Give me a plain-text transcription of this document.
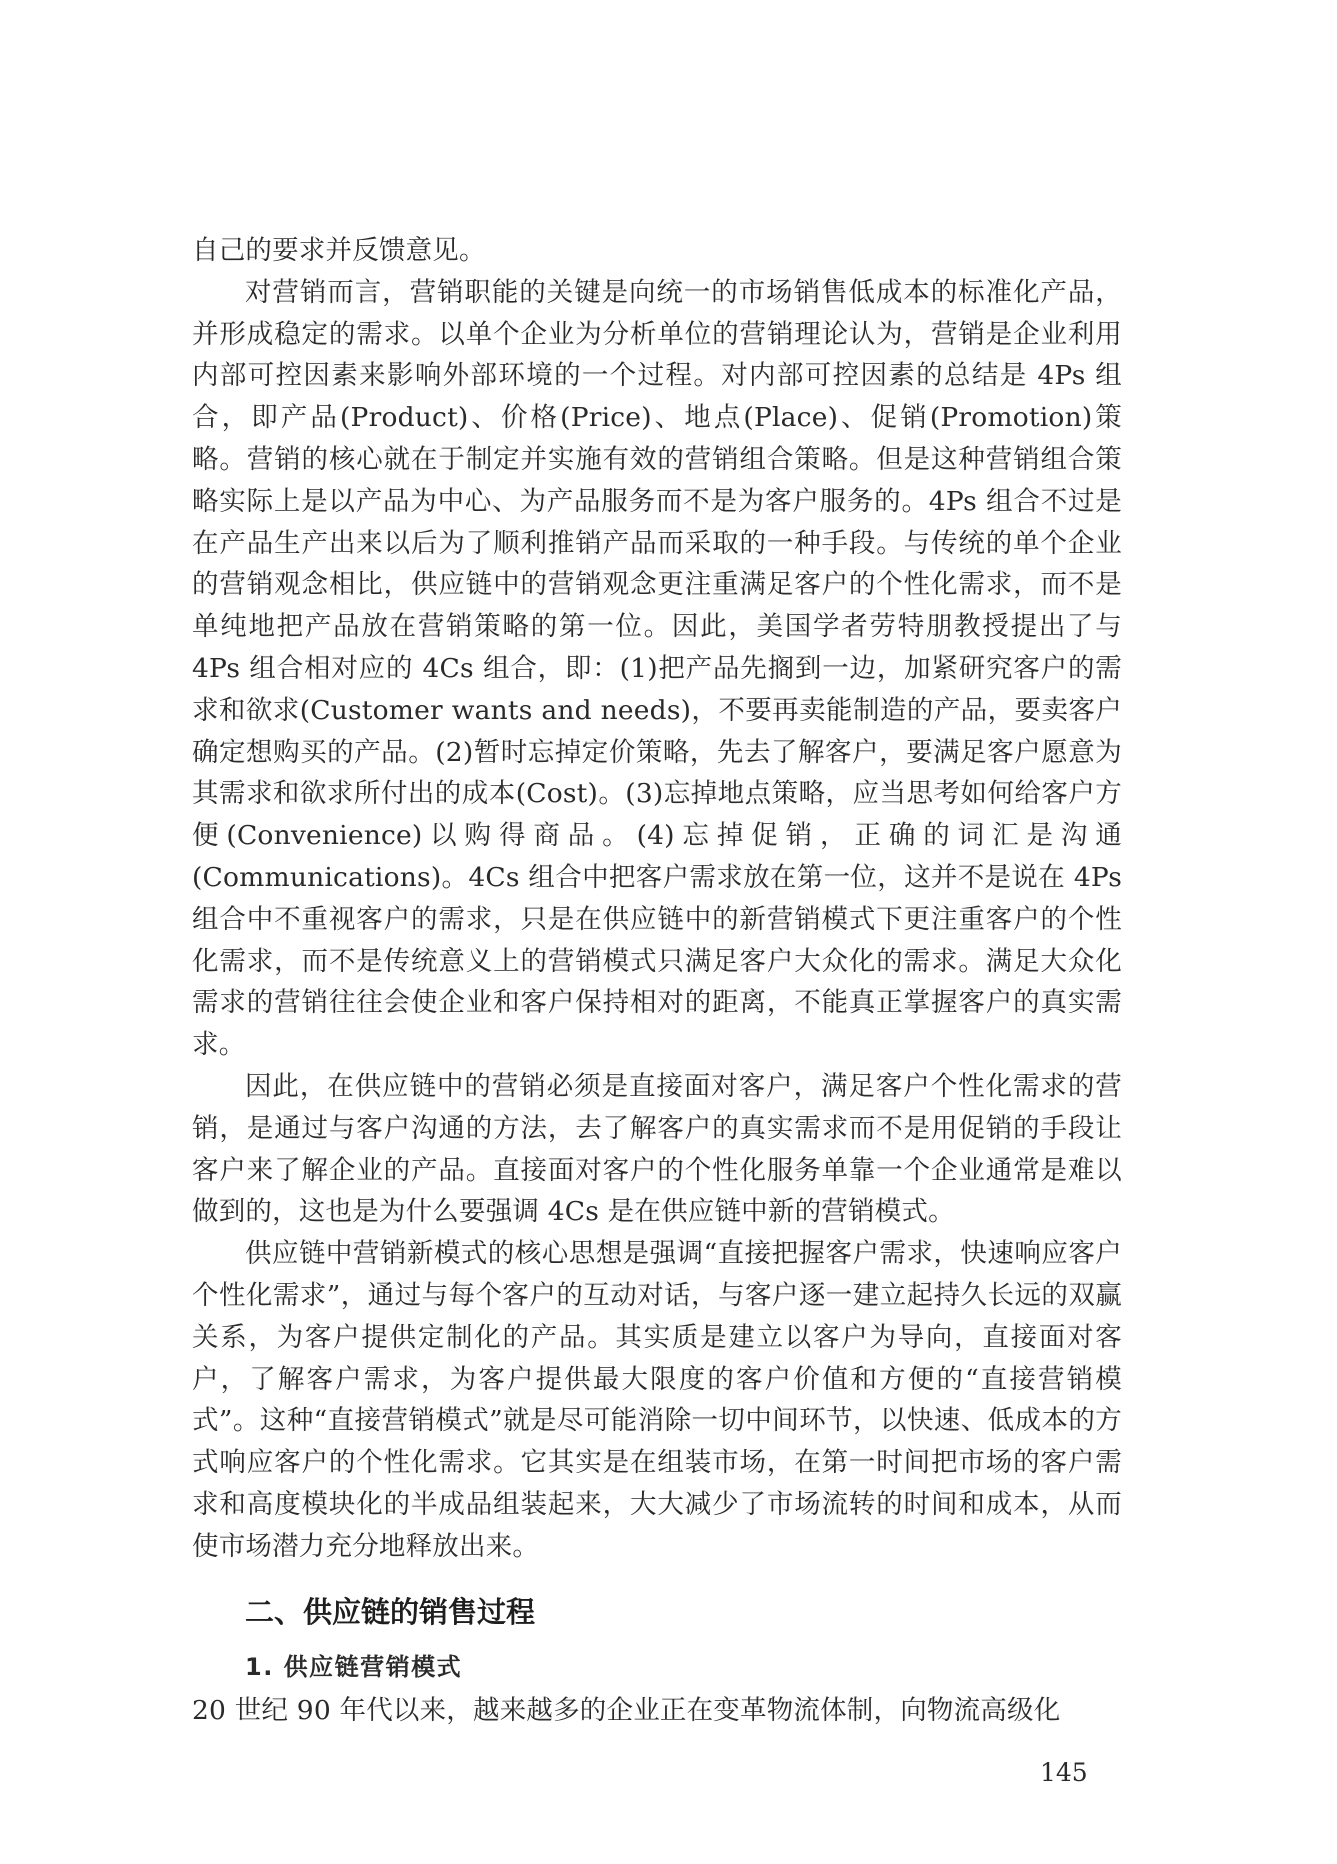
自己的要求并反馈意见。

对营销而言，营销职能的关键是向统一的市场销售低成本的标准化产品，并形成稳定的需求。以单个企业为分析单位的营销理论认为，营销是企业利用内部可控因素来影响外部环境的一个过程。对内部可控因素的总结是 4Ps 组合，即产品(Product)、价格(Price)、地点(Place)、促销(Promotion)策略。营销的核心就在于制定并实施有效的营销组合策略。但是这种营销组合策略实际上是以产品为中心、为产品服务而不是为客户服务的。4Ps 组合不过是在产品生产出来以后为了顺利推销产品而采取的一种手段。与传统的单个企业的营销观念相比，供应链中的营销观念更注重满足客户的个性化需求，而不是单纯地把产品放在营销策略的第一位。因此，美国学者劳特朋教授提出了与 4Ps 组合相对应的 4Cs 组合，即：(1)把产品先搁到一边，加紧研究客户的需求和欲求(Customer wants and needs)，不要再卖能制造的产品，要卖客户确定想购买的产品。(2)暂时忘掉定价策略，先去了解客户，要满足客户愿意为其需求和欲求所付出的成本(Cost)。(3)忘掉地点策略，应当思考如何给客户方便(Convenience)以购得商品。(4)忘掉促销，正确的词汇是沟通(Communications)。4Cs 组合中把客户需求放在第一位，这并不是说在 4Ps 组合中不重视客户的需求，只是在供应链中的新营销模式下更注重客户的个性化需求，而不是传统意义上的营销模式只满足客户大众化的需求。满足大众化需求的营销往往会使企业和客户保持相对的距离，不能真正掌握客户的真实需求。

因此，在供应链中的营销必须是直接面对客户，满足客户个性化需求的营销，是通过与客户沟通的方法，去了解客户的真实需求而不是用促销的手段让客户来了解企业的产品。直接面对客户的个性化服务单靠一个企业通常是难以做到的，这也是为什么要强调 4Cs 是在供应链中新的营销模式。

供应链中营销新模式的核心思想是强调“直接把握客户需求，快速响应客户个性化需求”，通过与每个客户的互动对话，与客户逐一建立起持久长远的双赢关系，为客户提供定制化的产品。其实质是建立以客户为导向，直接面对客户，了解客户需求，为客户提供最大限度的客户价值和方便的“直接营销模式”。这种“直接营销模式”就是尽可能消除一切中间环节，以快速、低成本的方式响应客户的个性化需求。它其实是在组装市场，在第一时间把市场的客户需求和高度模块化的半成品组装起来，大大减少了市场流转的时间和成本，从而使市场潜力充分地释放出来。

二、供应链的销售过程
1. 供应链营销模式

20 世纪 90 年代以来，越来越多的企业正在变革物流体制，向物流高级化

145
